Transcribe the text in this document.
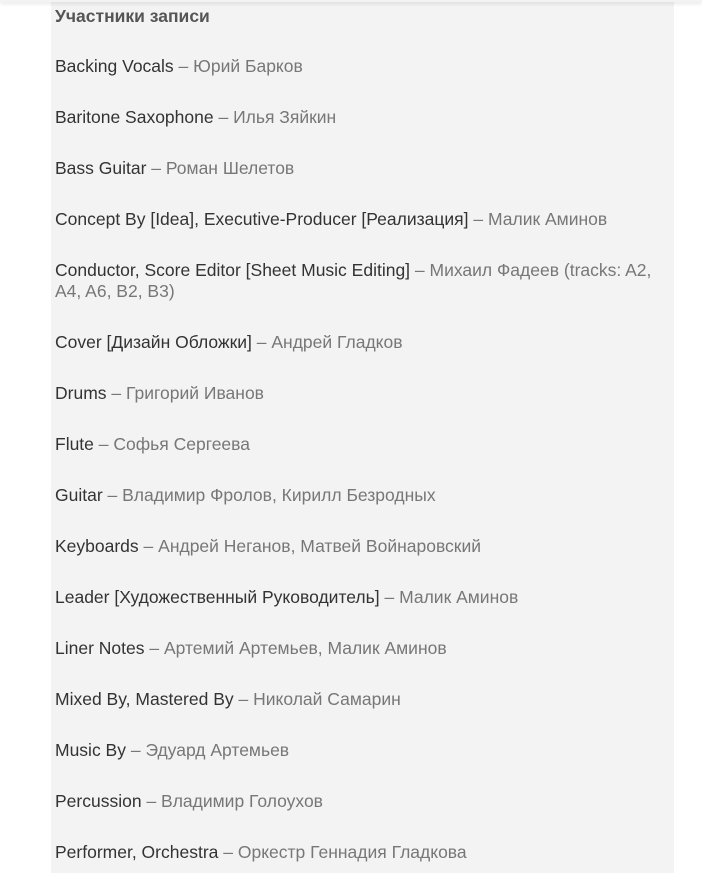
Участники записи
Backing Vocals – Юрий Барков
Baritone Saxophone – Илья Зяйкин
Bass Guitar – Роман Шелетов
Concept By [Idea], Executive-Producer [Реализация] – Малик Аминов
Conductor, Score Editor [Sheet Music Editing] – Михаил Фадеев (tracks: A2, A4, A6, B2, B3)
Cover [Дизайн Обложки] – Андрей Гладков
Drums – Григорий Иванов
Flute – Софья Сергеева
Guitar – Владимир Фролов, Кирилл Безродных
Keyboards – Андрей Неганов, Матвей Войнаровский
Leader [Художественный Руководитель] – Малик Аминов
Liner Notes – Артемий Артемьев, Малик Аминов
Mixed By, Mastered By – Николай Самарин
Music By – Эдуард Артемьев
Percussion – Владимир Голоухов
Performer, Orchestra – Оркестр Геннадия Гладкова
